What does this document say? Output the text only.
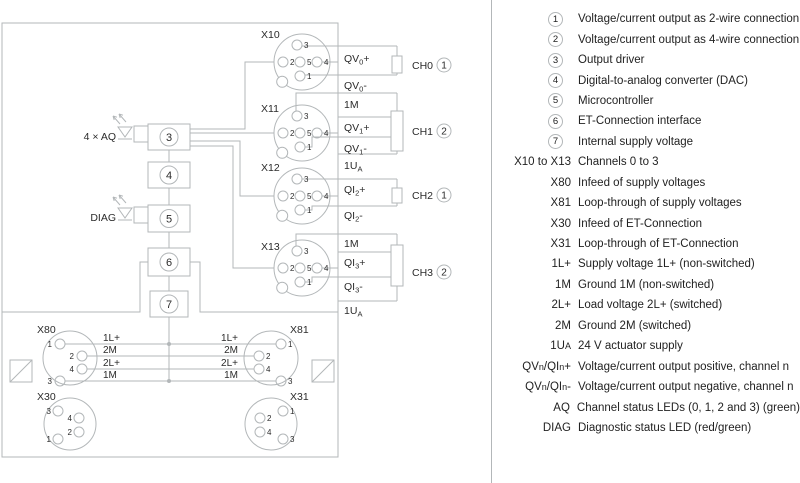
3
4
5
6
7
4 × AQ
DIAG
X10
3
2 5 4
1
X11
3
2 5 4
1
X12
3
2 5 4
1
X13	3
2 5 4
1
$QV_0+$
$QV_0-$
1M
$QV_1+$
$QV_1-$
$1U_A$
$QI_2+$
$QI_2-$
1M
$QI_3+$
$QI_3-$
$1U_A$
CH0 1
CH1 2
CH2 1
CH3 2
X80
1
2
4
3
X81
1
2
4
3
1L+
2M
2L+
1M
1L+
2M
2L+
1M
X30
3
4
2
1
X31
1
2
4
3
1	Voltage/current output as 2-wire connection
2	Voltage/current output as 4-wire connection
3	Output driver
4	Digital-to-analog converter (DAC)
5	Microcontroller
6	ET-Connection interface
7	Internal supply voltage
X10 to X13 Channels 0 to 3
X80 Infeed of supply voltages
X81 Loop-through of supply voltages
X30 Infeed of ET-Connection
X31 Loop-through of ET-Connection
1L+ Supply voltage 1L+ (non-switched)
1M Ground 1M (non-switched)
2L+ Load voltage 2L+ (switched)
2M Ground 2M (switched)
1U A 24 V actuator supply
QV n /QI n + Voltage/current output positive, channel n
QV n /QI n - Voltage/current output negative, channel n
AQ Channel status LEDs (0, 1, 2 and 3) (green)
DIAG Diagnostic status LED (red/green)
